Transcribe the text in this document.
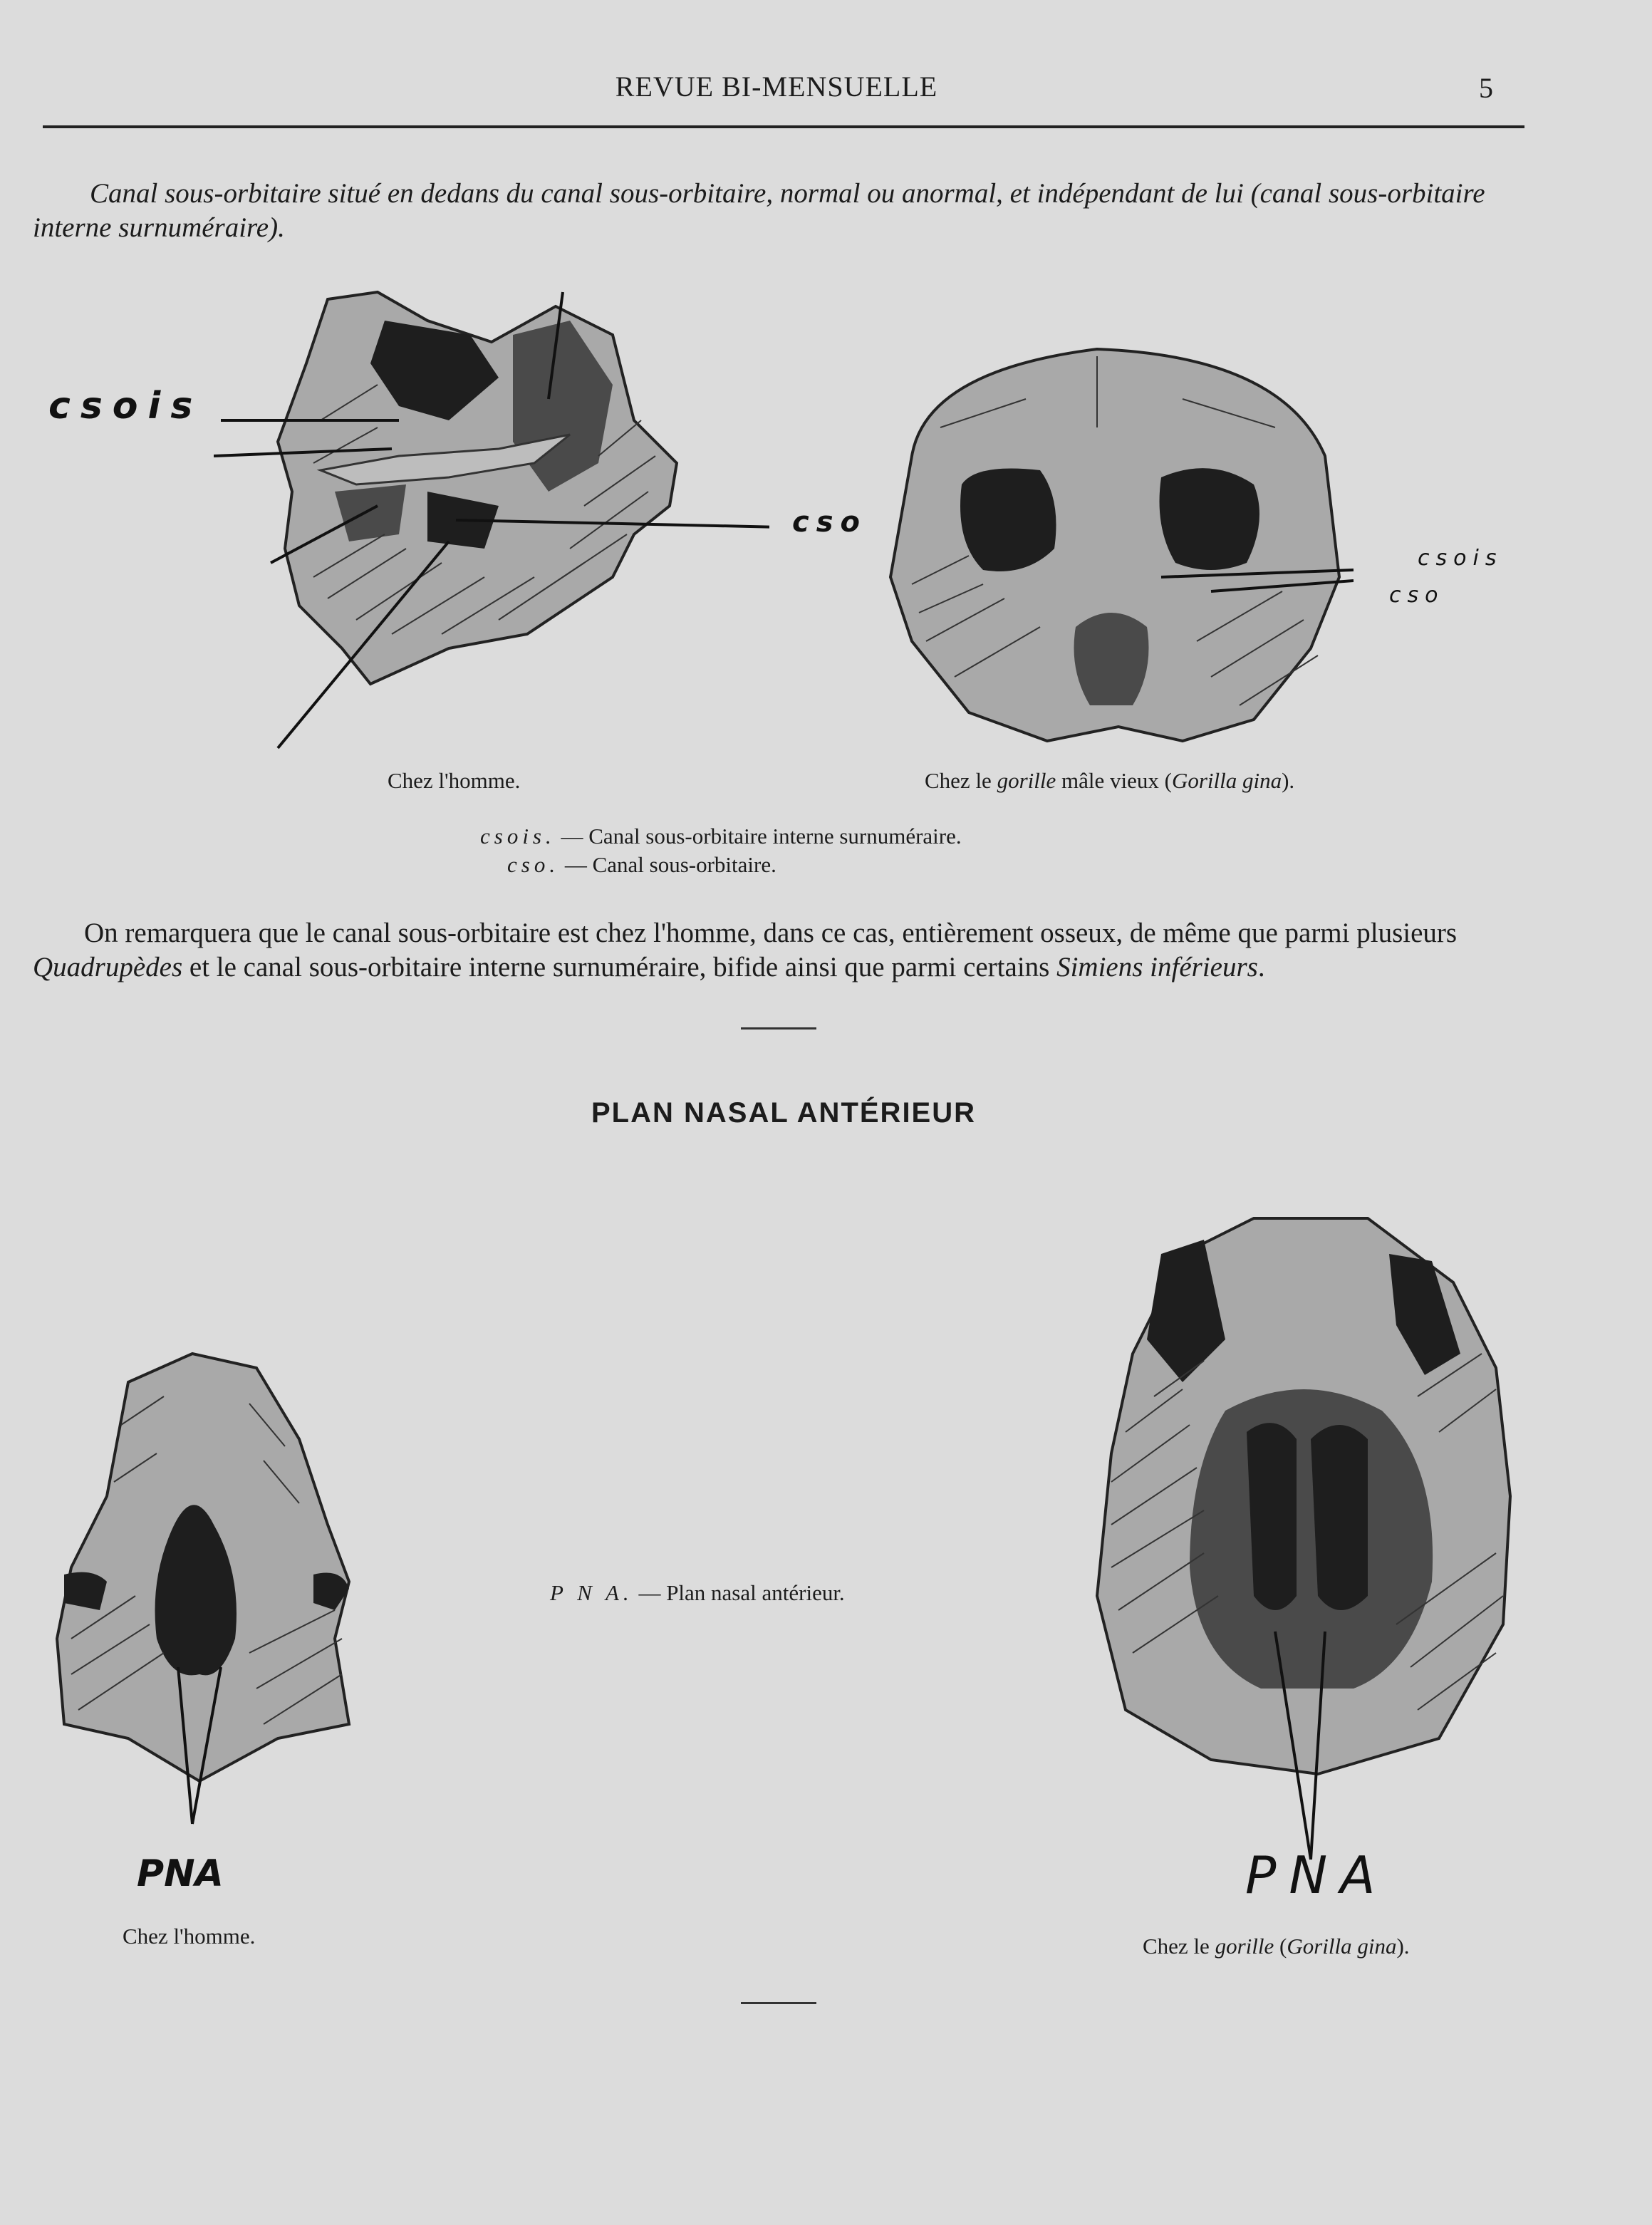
REVUE BI-MENSUELLE	5
Canal sous-orbitaire situé en dedans du canal sous-orbitaire, normal ou anormal, et indépendant de lui (canal sous-orbitaire interne surnuméraire).
csois
cso
csois
cso
Chez l'homme.	Chez le gorille mâle vieux (Gorilla gina).
csois. — Canal sous-orbitaire interne surnuméraire.
cso. — Canal sous-orbitaire.
On remarquera que le canal sous-orbitaire est chez l'homme, dans ce cas, entièrement osseux, de même que parmi plusieurs Quadrupèdes et le canal sous-orbitaire interne surnuméraire, bifide ainsi que parmi certains Simiens inférieurs.
PLAN NASAL ANTÉRIEUR
PNA
Chez l'homme.
P N A. — Plan nasal antérieur.
PNA
Chez le gorille (Gorilla gina).
